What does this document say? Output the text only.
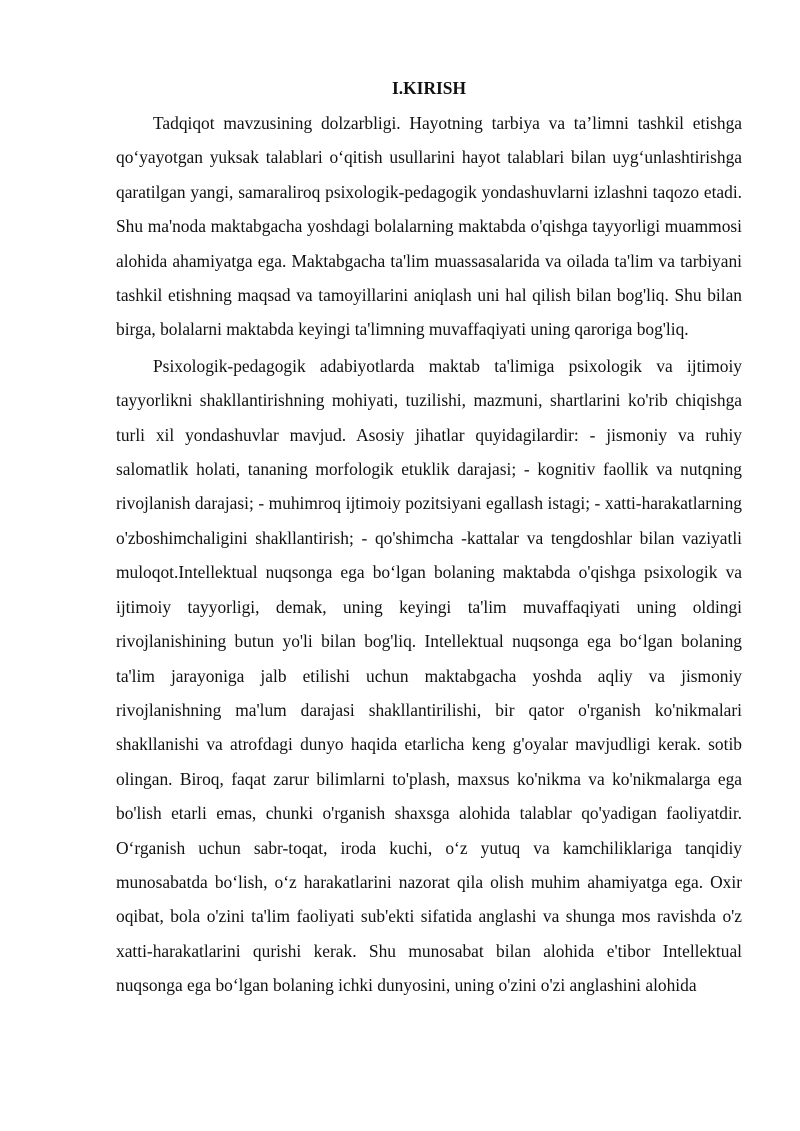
I.KIRISH

Tadqiqot mavzusining dolzarbligi. Hayotning tarbiya va ta’limni tashkil etishga qo‘yayotgan yuksak talablari o‘qitish usullarini hayot talablari bilan uyg‘unlashtirishga qaratilgan yangi, samaraliroq psixologik-pedagogik yondashuvlarni izlashni taqozo etadi. Shu ma'noda maktabgacha yoshdagi bolalarning maktabda o'qishga tayyorligi muammosi alohida ahamiyatga ega. Maktabgacha ta'lim muassasalarida va oilada ta'lim va tarbiyani tashkil etishning maqsad va tamoyillarini aniqlash uni hal qilish bilan bog'liq. Shu bilan birga, bolalarni maktabda keyingi ta'limning muvaffaqiyati uning qaroriga bog'liq.

Psixologik-pedagogik adabiyotlarda maktab ta'limiga psixologik va ijtimoiy tayyorlikni shakllantirishning mohiyati, tuzilishi, mazmuni, shartlarini ko'rib chiqishga turli xil yondashuvlar mavjud. Asosiy jihatlar quyidagilardir: - jismoniy va ruhiy salomatlik holati, tananing morfologik etuklik darajasi; - kognitiv faollik va nutqning rivojlanish darajasi; - muhimroq ijtimoiy pozitsiyani egallash istagi; - xatti-harakatlarning o'zboshimchaligini shakllantirish; - qo'shimcha -kattalar va tengdoshlar bilan vaziyatli muloqot.Intellektual nuqsonga ega bo‘lgan bolaning maktabda o'qishga psixologik va ijtimoiy tayyorligi, demak, uning keyingi ta'lim muvaffaqiyati uning oldingi rivojlanishining butun yo'li bilan bog'liq. Intellektual nuqsonga ega bo‘lgan bolaning ta'lim jarayoniga jalb etilishi uchun maktabgacha yoshda aqliy va jismoniy rivojlanishning ma'lum darajasi shakllantirilishi, bir qator o'rganish ko'nikmalari shakllanishi va atrofdagi dunyo haqida etarlicha keng g'oyalar mavjudligi kerak. sotib olingan. Biroq, faqat zarur bilimlarni to'plash, maxsus ko'nikma va ko'nikmalarga ega bo'lish etarli emas, chunki o'rganish shaxsga alohida talablar qo'yadigan faoliyatdir. O‘rganish uchun sabr-toqat, iroda kuchi, o‘z yutuq va kamchiliklariga tanqidiy munosabatda bo‘lish, o‘z harakatlarini nazorat qila olish muhim ahamiyatga ega. Oxir oqibat, bola o'zini ta'lim faoliyati sub'ekti sifatida anglashi va shunga mos ravishda o'z xatti-harakatlarini qurishi kerak. Shu munosabat bilan alohida e'tibor Intellektual nuqsonga ega bo‘lgan bolaning ichki dunyosini, uning o'zini o'zi anglashini alohida
